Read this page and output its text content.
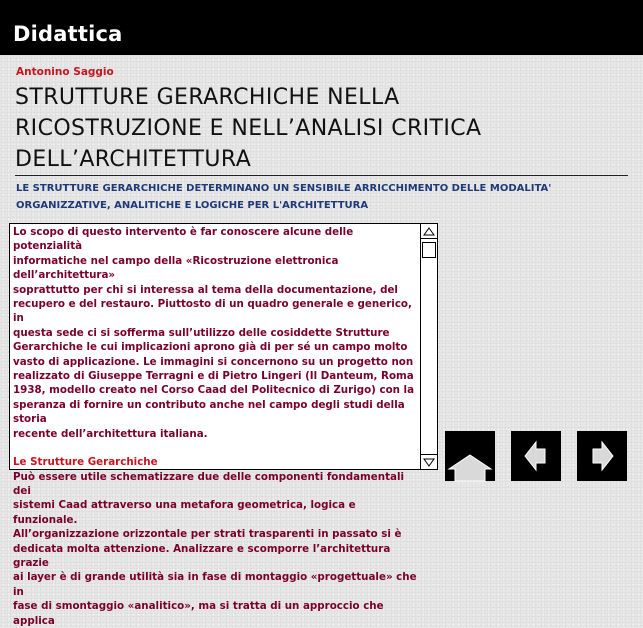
Didattica
Antonino Saggio
STRUTTURE GERARCHICHE NELLA
RICOSTRUZIONE E NELL’ANALISI CRITICA
DELL’ARCHITETTURA
LE STRUTTURE GERARCHICHE DETERMINANO UN SENSIBILE ARRICCHIMENTO DELLE MODALITA'
ORGANIZZATIVE, ANALITICHE E LOGICHE PER L'ARCHITETTURA

Lo scopo di questo intervento è far conoscere alcune delle potenzialità

informatiche nel campo della «Ricostruzione elettronica dell’architettura»

soprattutto per chi si interessa al tema della documentazione, del

recupero e del restauro. Piuttosto di un quadro generale e generico, in

questa sede ci si sofferma sull’utilizzo delle cosiddette Strutture

Gerarchiche le cui implicazioni aprono già di per sé un campo molto

vasto di applicazione. Le immagini si concernono su un progetto non

realizzato di Giuseppe Terragni e di Pietro Lingeri (Il Danteum, Roma

1938, modello creato nel Corso Caad del Politecnico di Zurigo) con la

speranza di fornire un contributo anche nel campo degli studi della storia

recente dell’architettura italiana.

Le Strutture Gerarchiche

Può essere utile schematizzare due delle componenti fondamentali dei

sistemi Caad attraverso una metafora geometrica, logica e funzionale.

All’organizzazione orizzontale per strati trasparenti in passato si è

dedicata molta attenzione. Analizzare e scomporre l’architettura grazie

ai layer è di grande utilità sia in fase di montaggio «progettuale» che in

fase di smontaggio «analitico», ma si tratta di un approccio che applica
